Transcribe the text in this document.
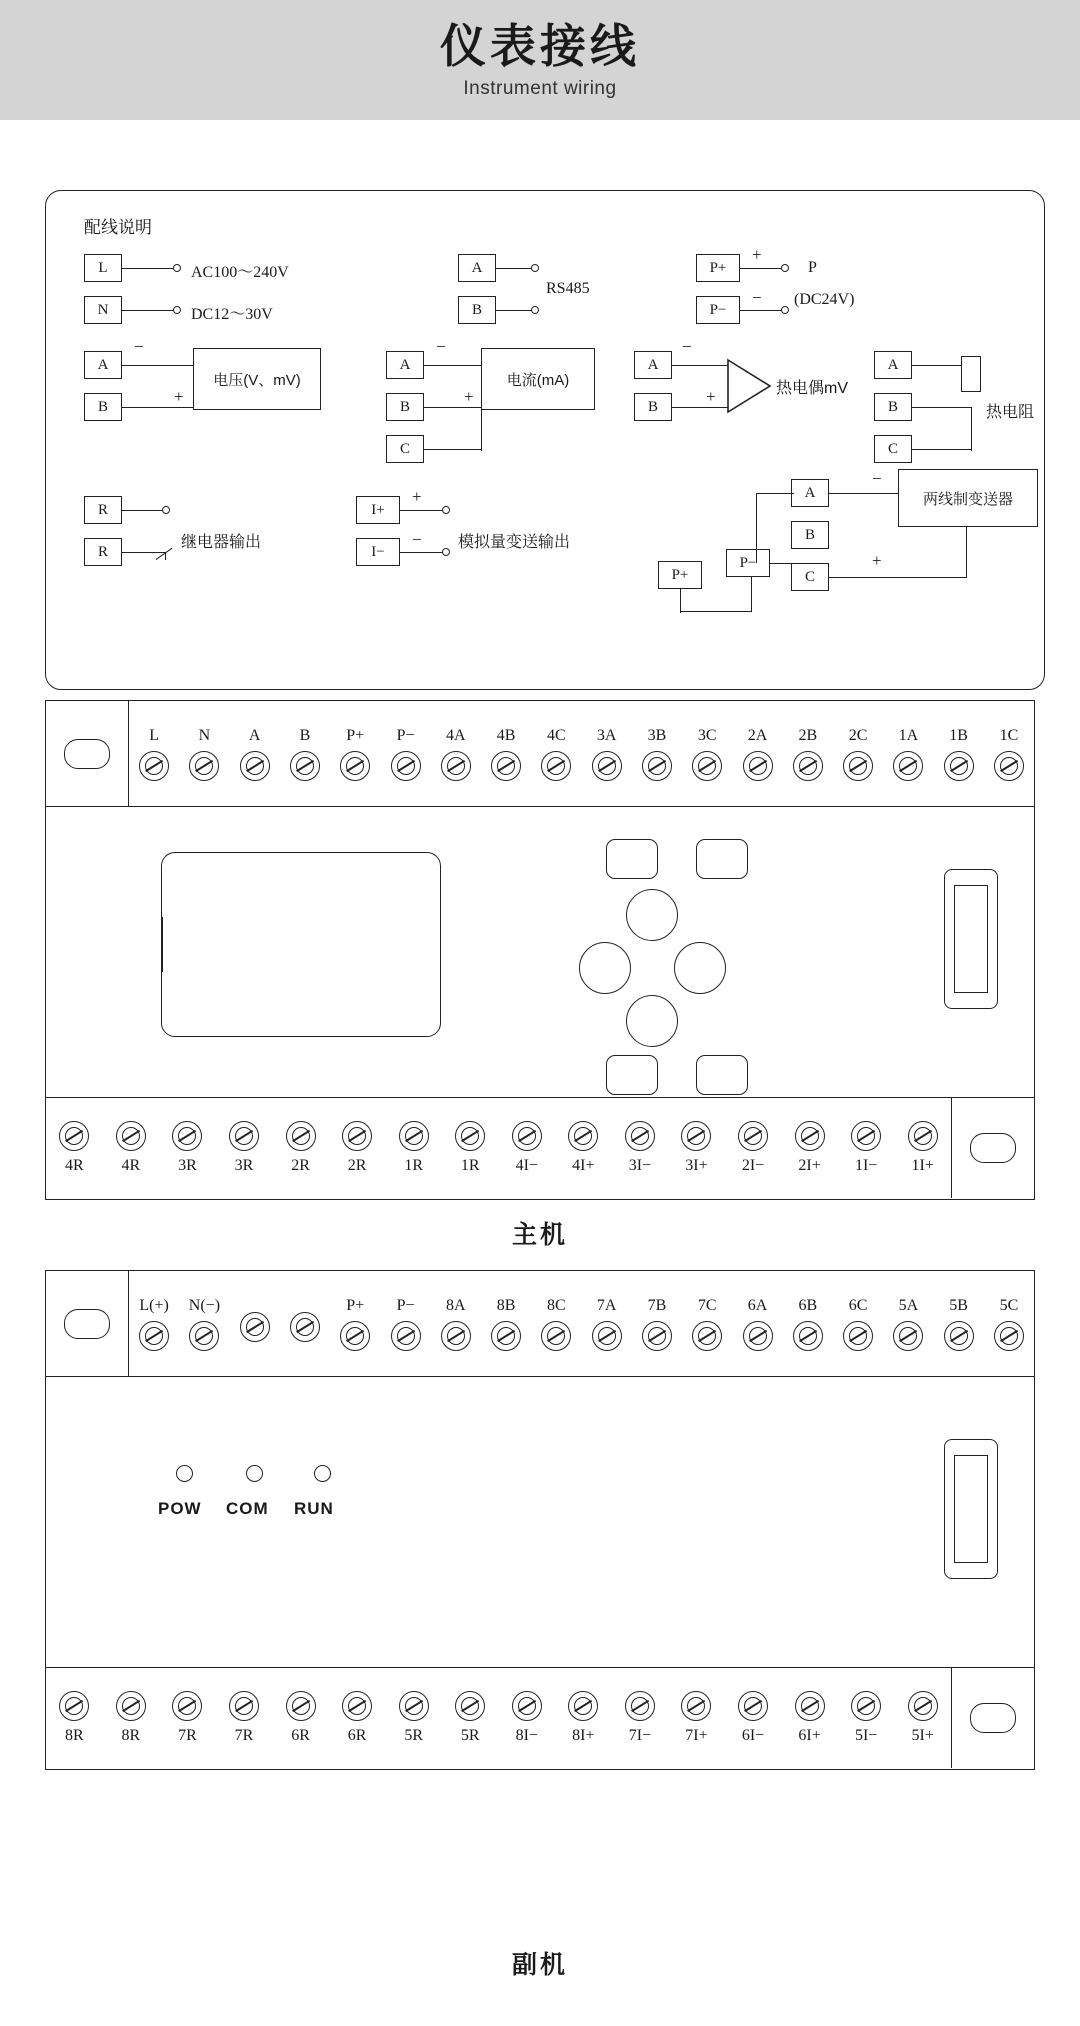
仪表接线
Instrument wiring
配线说明
L
N
AC100～240V
DC12～30V
A
B
RS485
P+
P−
+
−
P
(DC24V)
A
B
−
+
电压(V、mV)
A
B
C
−
+
电流(mA)
A
B
−
+	热电偶mV
A
B
C
热电阻
R
R
继电器输出
I+
I−
+
− 模拟量变送输出
A
B
C
P+
P−
−
+
两线制变送器
L N A B P+ P− 4A 4B 4C 3A 3B 3C 2A 2B 2C 1A 1B 1C
4R 4R 3R 3R 2R 2R 1R 1R 4I− 4I+ 3I− 3I+ 2I− 2I+ 1I− 1I+
主机
L(+) N(−)	P+ P− 8A 8B 8C 7A 7B 7C 6A 6B 6C 5A 5B 5C
POW COM RUN
8R 8R 7R 7R 6R 6R 5R 5R 8I− 8I+ 7I− 7I+ 6I− 6I+ 5I− 5I+
副机
